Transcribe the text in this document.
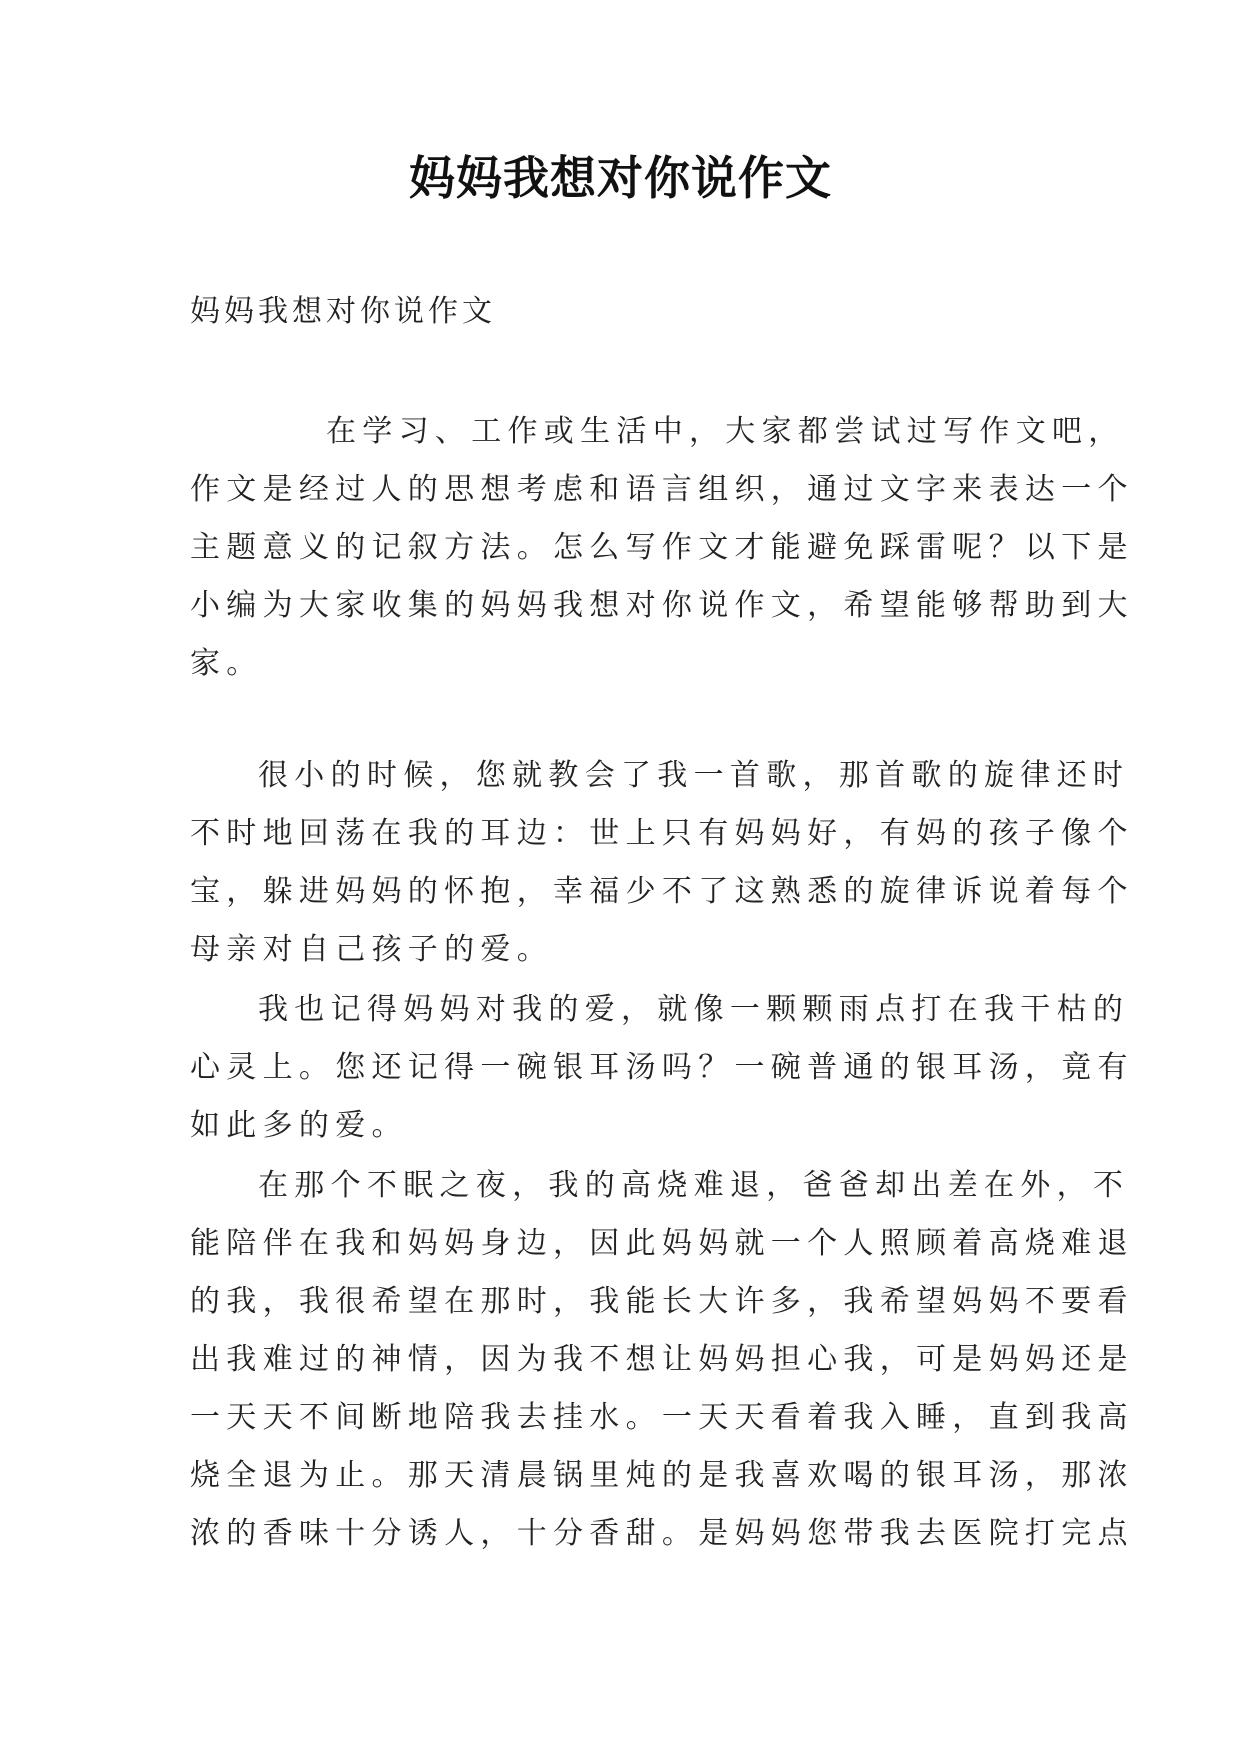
妈妈我想对你说作文
妈妈我想对你说作文
在学习、工作或生活中，大家都尝试过写作文吧，
作文是经过人的思想考虑和语言组织，通过文字来表达一个
主题意义的记叙方法。怎么写作文才能避免踩雷呢？以下是
小编为大家收集的妈妈我想对你说作文，希望能够帮助到大
家。
很小的时候，您就教会了我一首歌，那首歌的旋律还时
不时地回荡在我的耳边：世上只有妈妈好，有妈的孩子像个
宝，躲进妈妈的怀抱，幸福少不了这熟悉的旋律诉说着每个
母亲对自己孩子的爱。
我也记得妈妈对我的爱，就像一颗颗雨点打在我干枯的
心灵上。您还记得一碗银耳汤吗？一碗普通的银耳汤，竟有
如此多的爱。
在那个不眠之夜，我的高烧难退，爸爸却出差在外，不
能陪伴在我和妈妈身边，因此妈妈就一个人照顾着高烧难退
的我，我很希望在那时，我能长大许多，我希望妈妈不要看
出我难过的神情，因为我不想让妈妈担心我，可是妈妈还是
一天天不间断地陪我去挂水。一天天看着我入睡，直到我高
烧全退为止。那天清晨锅里炖的是我喜欢喝的银耳汤，那浓
浓的香味十分诱人，十分香甜。是妈妈您带我去医院打完点
